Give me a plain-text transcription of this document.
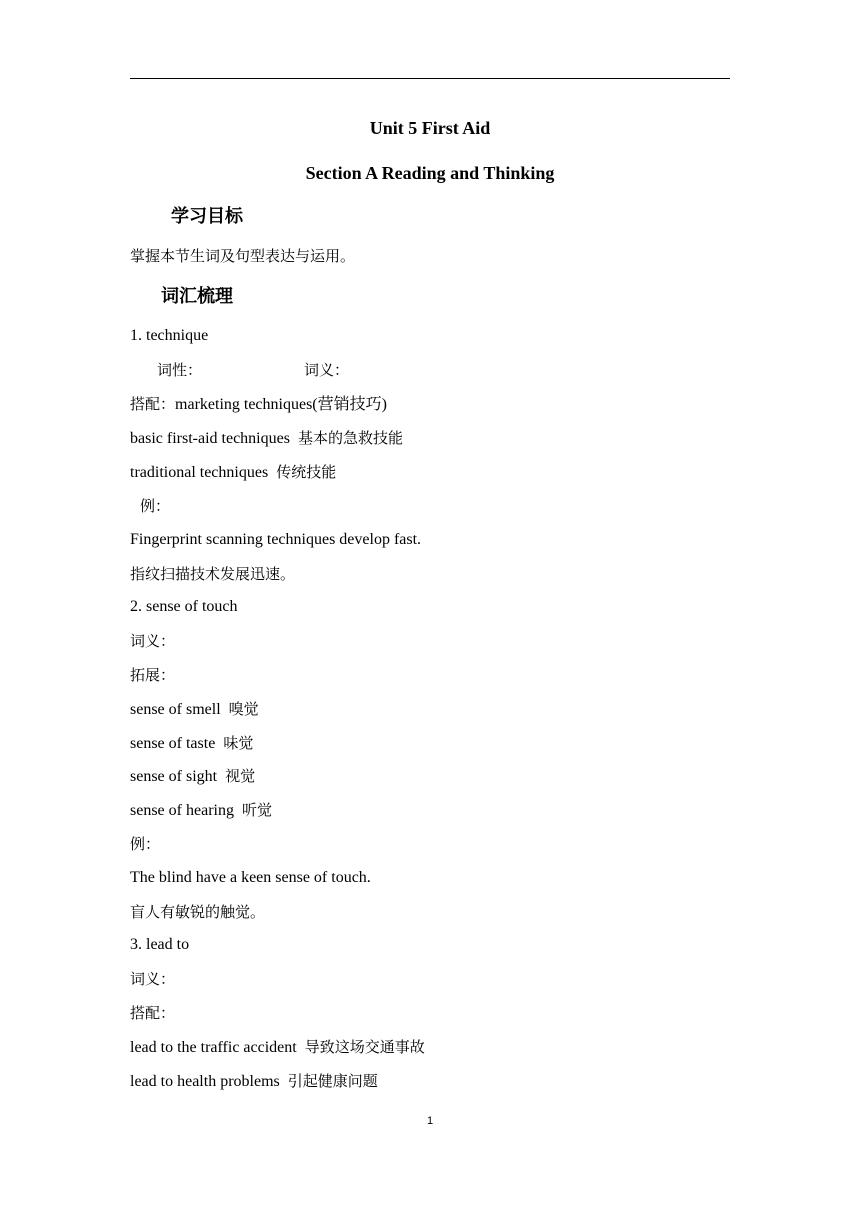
Unit 5 First Aid
Section A Reading and Thinking
学习目标
掌握本节生词及句型表达与运用。
词汇梳理
1. technique
词性：	词义：
搭配：marketing techniques(营销技巧)
basic first-aid techniques 基本的急救技能
traditional techniques 传统技能
例：
Fingerprint scanning techniques develop fast.
指纹扫描技术发展迅速。
2. sense of touch
词义：
拓展：
sense of smell 嗅觉
sense of taste 味觉
sense of sight 视觉
sense of hearing 听觉
例：
The blind have a keen sense of touch.
盲人有敏锐的触觉。
3. lead to
词义：
搭配：
lead to the traffic accident 导致这场交通事故
lead to health problems 引起健康问题
1
